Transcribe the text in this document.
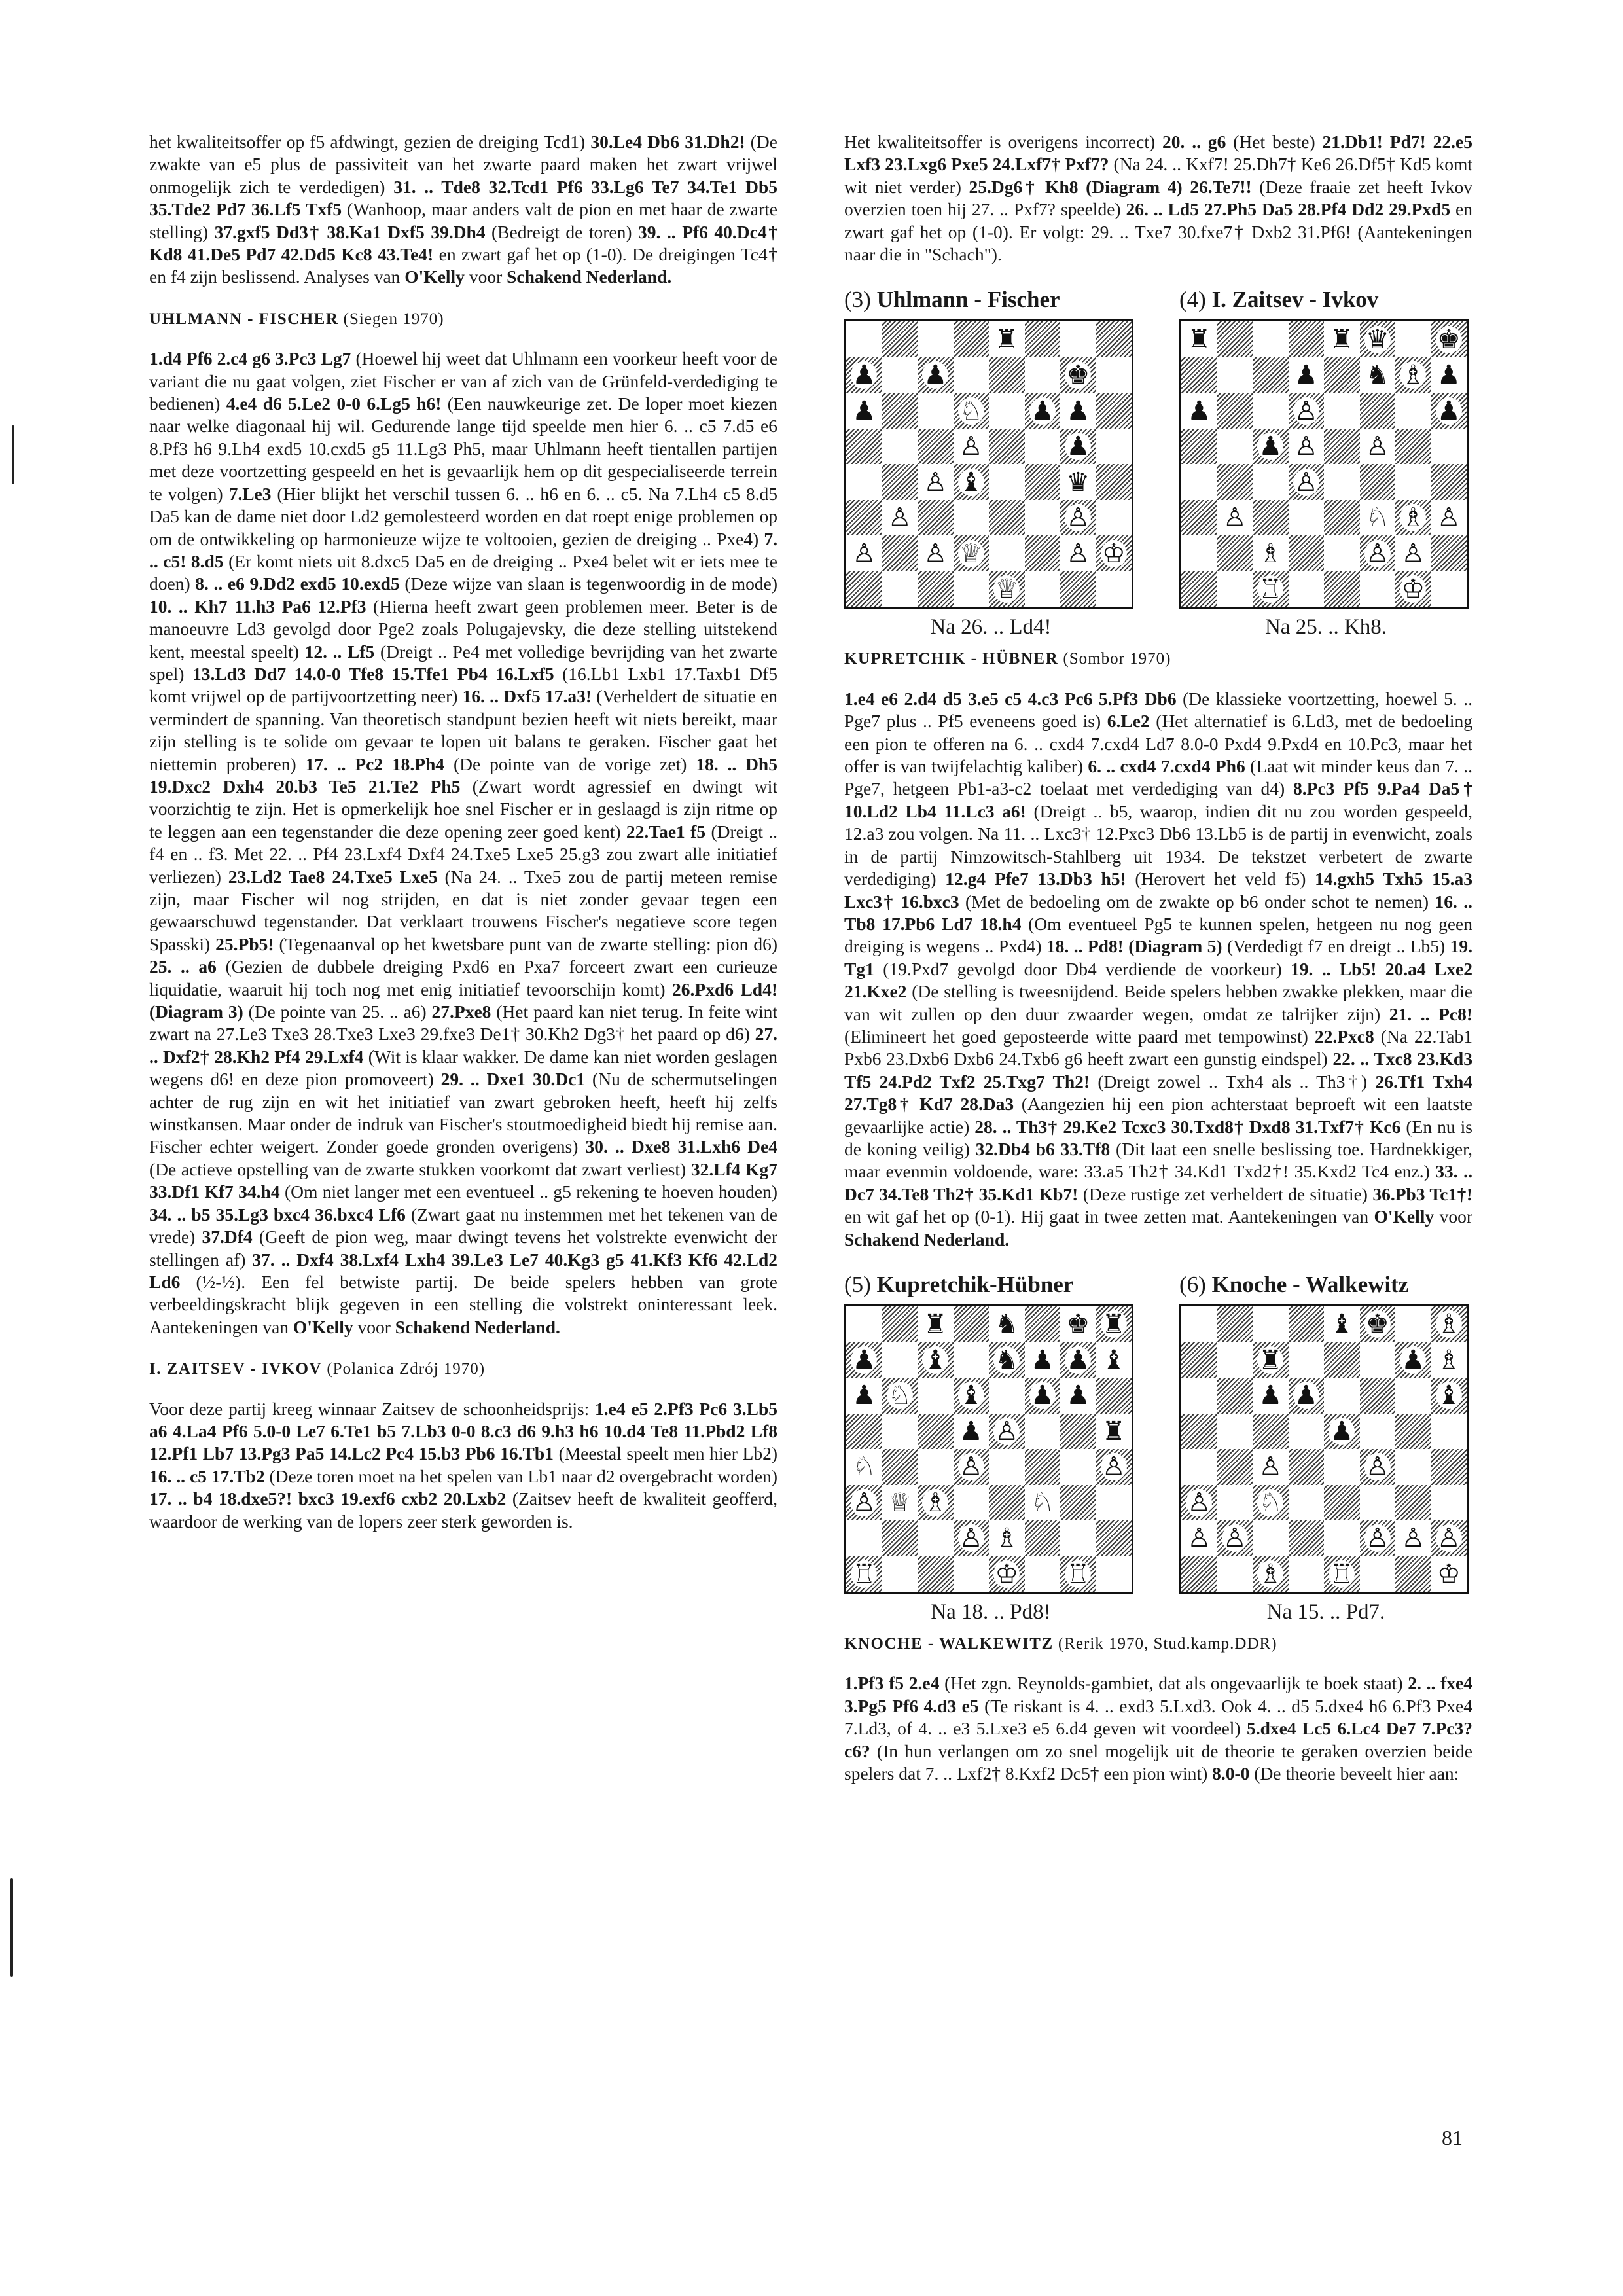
het kwaliteitsoffer op f5 afdwingt, gezien de dreiging Tcd1) 30.Le4 Db6 31.Dh2! (De zwakte van e5 plus de passiviteit van het zwarte paard maken het zwart vrijwel onmogelijk zich te verdedigen) 31. .. Tde8 32.Tcd1 Pf6 33.Lg6 Te7 34.Te1 Db5 35.Tde2 Pd7 36.Lf5 Txf5 (Wanhoop, maar anders valt de pion en met haar de zwarte stelling) 37.gxf5 Dd3† 38.Ka1 Dxf5 39.Dh4 (Bedreigt de toren) 39. .. Pf6 40.Dc4† Kd8 41.De5 Pd7 42.Dd5 Kc8 43.Te4! en zwart gaf het op (1-0). De dreigingen Tc4† en f4 zijn beslissend. Analyses van O'Kelly voor Schakend Nederland.
UHLMANN - FISCHER (Siegen 1970)
1.d4 Pf6 2.c4 g6 3.Pc3 Lg7 (Hoewel hij weet dat Uhlmann een voorkeur heeft voor de variant die nu gaat volgen, ziet Fischer er van af zich van de Grünfeld-verdediging te bedienen) 4.e4 d6 5.Le2 0-0 6.Lg5 h6! (Een nauwkeurige zet. De loper moet kiezen naar welke diagonaal hij wil. Gedurende lange tijd speelde men hier 6. .. c5 7.d5 e6 8.Pf3 h6 9.Lh4 exd5 10.cxd5 g5 11.Lg3 Ph5, maar Uhlmann heeft tientallen partijen met deze voortzetting gespeeld en het is gevaarlijk hem op dit gespecialiseerde terrein te volgen) 7.Le3 (Hier blijkt het verschil tussen 6. .. h6 en 6. .. c5. Na 7.Lh4 c5 8.d5 Da5 kan de dame niet door Ld2 gemolesteerd worden en dat roept enige problemen op om de ontwikkeling op harmonieuze wijze te voltooien, gezien de dreiging .. Pxe4) 7. .. c5! 8.d5 (Er komt niets uit 8.dxc5 Da5 en de dreiging .. Pxe4 belet wit er iets mee te doen) 8. .. e6 9.Dd2 exd5 10.exd5 (Deze wijze van slaan is tegenwoordig in de mode) 10. .. Kh7 11.h3 Pa6 12.Pf3 (Hierna heeft zwart geen problemen meer. Beter is de manoeuvre Ld3 gevolgd door Pge2 zoals Polugajevsky, die deze stelling uitstekend kent, meestal speelt) 12. .. Lf5 (Dreigt .. Pe4 met volledige bevrijding van het zwarte spel) 13.Ld3 Dd7 14.0-0 Tfe8 15.Tfe1 Pb4 16.Lxf5 (16.Lb1 Lxb1 17.Taxb1 Df5 komt vrijwel op de partijvoortzetting neer) 16. .. Dxf5 17.a3! (Verheldert de situatie en vermindert de spanning. Van theoretisch standpunt bezien heeft wit niets bereikt, maar zijn stelling is te solide om gevaar te lopen uit balans te geraken. Fischer gaat het niettemin proberen) 17. .. Pc2 18.Ph4 (De pointe van de vorige zet) 18. .. Dh5 19.Dxc2 Dxh4 20.b3 Te5 21.Te2 Ph5 (Zwart wordt agressief en dwingt wit voorzichtig te zijn. Het is opmerkelijk hoe snel Fischer er in geslaagd is zijn ritme op te leggen aan een tegenstander die deze opening zeer goed kent) 22.Tae1 f5 (Dreigt .. f4 en .. f3. Met 22. .. Pf4 23.Lxf4 Dxf4 24.Txe5 Lxe5 25.g3 zou zwart alle initiatief verliezen) 23.Ld2 Tae8 24.Txe5 Lxe5 (Na 24. .. Txe5 zou de partij meteen remise zijn, maar Fischer wil nog strijden, en dat is niet zonder gevaar tegen een gewaarschuwd tegenstander. Dat verklaart trouwens Fischer's negatieve score tegen Spasski) 25.Pb5! (Tegenaanval op het kwetsbare punt van de zwarte stelling: pion d6) 25. .. a6 (Gezien de dubbele dreiging Pxd6 en Pxa7 forceert zwart een curieuze liquidatie, waaruit hij toch nog met enig initiatief tevoorschijn komt) 26.Pxd6 Ld4! (Diagram 3) (De pointe van 25. .. a6) 27.Pxe8 (Het paard kan niet terug. In feite wint zwart na 27.Le3 Txe3 28.Txe3 Lxe3 29.fxe3 De1† 30.Kh2 Dg3† het paard op d6) 27. .. Dxf2† 28.Kh2 Pf4 29.Lxf4 (Wit is klaar wakker. De dame kan niet worden geslagen wegens d6! en deze pion promoveert) 29. .. Dxe1 30.Dc1 (Nu de schermutselingen achter de rug zijn en wit het initiatief van zwart gebroken heeft, heeft hij zelfs winstkansen. Maar onder de indruk van Fischer's stoutmoedigheid biedt hij remise aan. Fischer echter weigert. Zonder goede gronden overigens) 30. .. Dxe8 31.Lxh6 De4 (De actieve opstelling van de zwarte stukken voorkomt dat zwart verliest) 32.Lf4 Kg7 33.Df1 Kf7 34.h4 (Om niet langer met een eventueel .. g5 rekening te hoeven houden) 34. .. b5 35.Lg3 bxc4 36.bxc4 Lf6 (Zwart gaat nu instemmen met het tekenen van de vrede) 37.Df4 (Geeft de pion weg, maar dwingt tevens het volstrekte evenwicht der stellingen af) 37. .. Dxf4 38.Lxf4 Lxh4 39.Le3 Le7 40.Kg3 g5 41.Kf3 Kf6 42.Ld2 Ld6 (½-½). Een fel betwiste partij. De beide spelers hebben van grote verbeeldingskracht blijk gegeven in een stelling die volstrekt oninteressant leek. Aantekeningen van O'Kelly voor Schakend Nederland.
I. ZAITSEV - IVKOV (Polanica Zdrój 1970)
Voor deze partij kreeg winnaar Zaitsev de schoonheidsprijs: 1.e4 e5 2.Pf3 Pc6 3.Lb5 a6 4.La4 Pf6 5.0-0 Le7 6.Te1 b5 7.Lb3 0-0 8.c3 d6 9.h3 h6 10.d4 Te8 11.Pbd2 Lf8 12.Pf1 Lb7 13.Pg3 Pa5 14.Lc2 Pc4 15.b3 Pb6 16.Tb1 (Meestal speelt men hier Lb2) 16. .. c5 17.Tb2 (Deze toren moet na het spelen van Lb1 naar d2 overgebracht worden) 17. .. b4 18.dxe5?! bxc3 19.exf6 cxb2 20.Lxb2 (Zaitsev heeft de kwaliteit geofferd, waardoor de werking van de lopers zeer sterk geworden is.
Het kwaliteitsoffer is overigens incorrect) 20. .. g6 (Het beste) 21.Db1! Pd7! 22.e5 Lxf3 23.Lxg6 Pxe5 24.Lxf7† Pxf7? (Na 24. .. Kxf7! 25.Dh7† Ke6 26.Df5† Kd5 komt wit niet verder) 25.Dg6† Kh8 (Diagram 4) 26.Te7!! (Deze fraaie zet heeft Ivkov overzien toen hij 27. .. Pxf7? speelde) 26. .. Ld5 27.Ph5 Da5 28.Pf4 Dd2 29.Pxd5 en zwart gaf het op (1-0). Er volgt: 29. .. Txe7 30.fxe7† Dxb2 31.Pf6! (Aantekeningen naar die in "Schach").
(3) Uhlmann - Fischer
♜
♟ ♟	♚
♟	♘ ♟ ♟
♙	♟
♙ ♝	♛
♙	♙
♙ ♙ ♕	♙ ♔
♕
Na 26. .. Ld4!
(4) I. Zaitsev - Ivkov
♜	♜ ♛ ♚
♟ ♞ ♗ ♟
♟	♙	♟
♟ ♙ ♙
♙
♙	♘ ♗ ♙
♗	♙ ♙
♖	♔
Na 25. .. Kh8.
KUPRETCHIK - HÜBNER (Sombor 1970)
1.e4 e6 2.d4 d5 3.e5 c5 4.c3 Pc6 5.Pf3 Db6 (De klassieke voortzetting, hoewel 5. .. Pge7 plus .. Pf5 eveneens goed is) 6.Le2 (Het alternatief is 6.Ld3, met de bedoeling een pion te offeren na 6. .. cxd4 7.cxd4 Ld7 8.0-0 Pxd4 9.Pxd4 en 10.Pc3, maar het offer is van twijfelachtig kaliber) 6. .. cxd4 7.cxd4 Ph6 (Laat wit minder keus dan 7. .. Pge7, hetgeen Pb1-a3-c2 toelaat met verdediging van d4) 8.Pc3 Pf5 9.Pa4 Da5† 10.Ld2 Lb4 11.Lc3 a6! (Dreigt .. b5, waarop, indien dit nu zou worden gespeeld, 12.a3 zou volgen. Na 11. .. Lxc3† 12.Pxc3 Db6 13.Lb5 is de partij in evenwicht, zoals in de partij Nimzowitsch-Stahlberg uit 1934. De tekstzet verbetert de zwarte verdediging) 12.g4 Pfe7 13.Db3 h5! (Herovert het veld f5) 14.gxh5 Txh5 15.a3 Lxc3† 16.bxc3 (Met de bedoeling om de zwakte op b6 onder schot te nemen) 16. .. Tb8 17.Pb6 Ld7 18.h4 (Om eventueel Pg5 te kunnen spelen, hetgeen nu nog geen dreiging is wegens .. Pxd4) 18. .. Pd8! (Diagram 5) (Verdedigt f7 en dreigt .. Lb5) 19. Tg1 (19.Pxd7 gevolgd door Db4 verdiende de voorkeur) 19. .. Lb5! 20.a4 Lxe2 21.Kxe2 (De stelling is tweesnijdend. Beide spelers hebben zwakke plekken, maar die van wit zullen op den duur zwaarder wegen, omdat ze talrijker zijn) 21. .. Pc8! (Elimineert het goed geposteerde witte paard met tempowinst) 22.Pxc8 (Na 22.Tab1 Pxb6 23.Dxb6 Dxb6 24.Txb6 g6 heeft zwart een gunstig eindspel) 22. .. Txc8 23.Kd3 Tf5 24.Pd2 Txf2 25.Txg7 Th2! (Dreigt zowel .. Txh4 als .. Th3†) 26.Tf1 Txh4 27.Tg8† Kd7 28.Da3 (Aangezien hij een pion achterstaat beproeft wit een laatste gevaarlijke actie) 28. .. Th3† 29.Ke2 Tcxc3 30.Txd8† Dxd8 31.Txf7† Kc6 (En nu is de koning veilig) 32.Db4 b6 33.Tf8 (Dit laat een snelle beslissing toe. Hardnekkiger, maar evenmin voldoende, ware: 33.a5 Th2† 34.Kd1 Txd2†! 35.Kxd2 Tc4 enz.) 33. .. Dc7 34.Te8 Th2† 35.Kd1 Kb7! (Deze rustige zet verheldert de situatie) 36.Pb3 Tc1†! en wit gaf het op (0-1). Hij gaat in twee zetten mat. Aantekeningen van O'Kelly voor Schakend Nederland.
(5) Kupretchik-Hübner
♜ ♞ ♚ ♜
♟ ♝ ♞ ♟ ♟ ♝
♟ ♘ ♝ ♟ ♟
♟ ♙	♜
♘	♙	♙
♙ ♕ ♗	♘
♙ ♗
♖	♔ ♖
Na 18. .. Pd8!
(6) Knoche - Walkewitz
♝ ♚ ♗
♜	♟ ♗
♟ ♟	♝
♟
♙	♙
♙ ♘
♙ ♙	♙ ♙ ♙
♗ ♖	♔
Na 15. .. Pd7.
KNOCHE - WALKEWITZ (Rerik 1970, Stud.kamp.DDR)
1.Pf3 f5 2.e4 (Het zgn. Reynolds-gambiet, dat als ongevaarlijk te boek staat) 2. .. fxe4 3.Pg5 Pf6 4.d3 e5 (Te riskant is 4. .. exd3 5.Lxd3. Ook 4. .. d5 5.dxe4 h6 6.Pf3 Pxe4 7.Ld3, of 4. .. e3 5.Lxe3 e5 6.d4 geven wit voordeel) 5.dxe4 Lc5 6.Lc4 De7 7.Pc3? c6? (In hun verlangen om zo snel mogelijk uit de theorie te geraken overzien beide spelers dat 7. .. Lxf2† 8.Kxf2 Dc5† een pion wint) 8.0-0 (De theorie beveelt hier aan:
81
